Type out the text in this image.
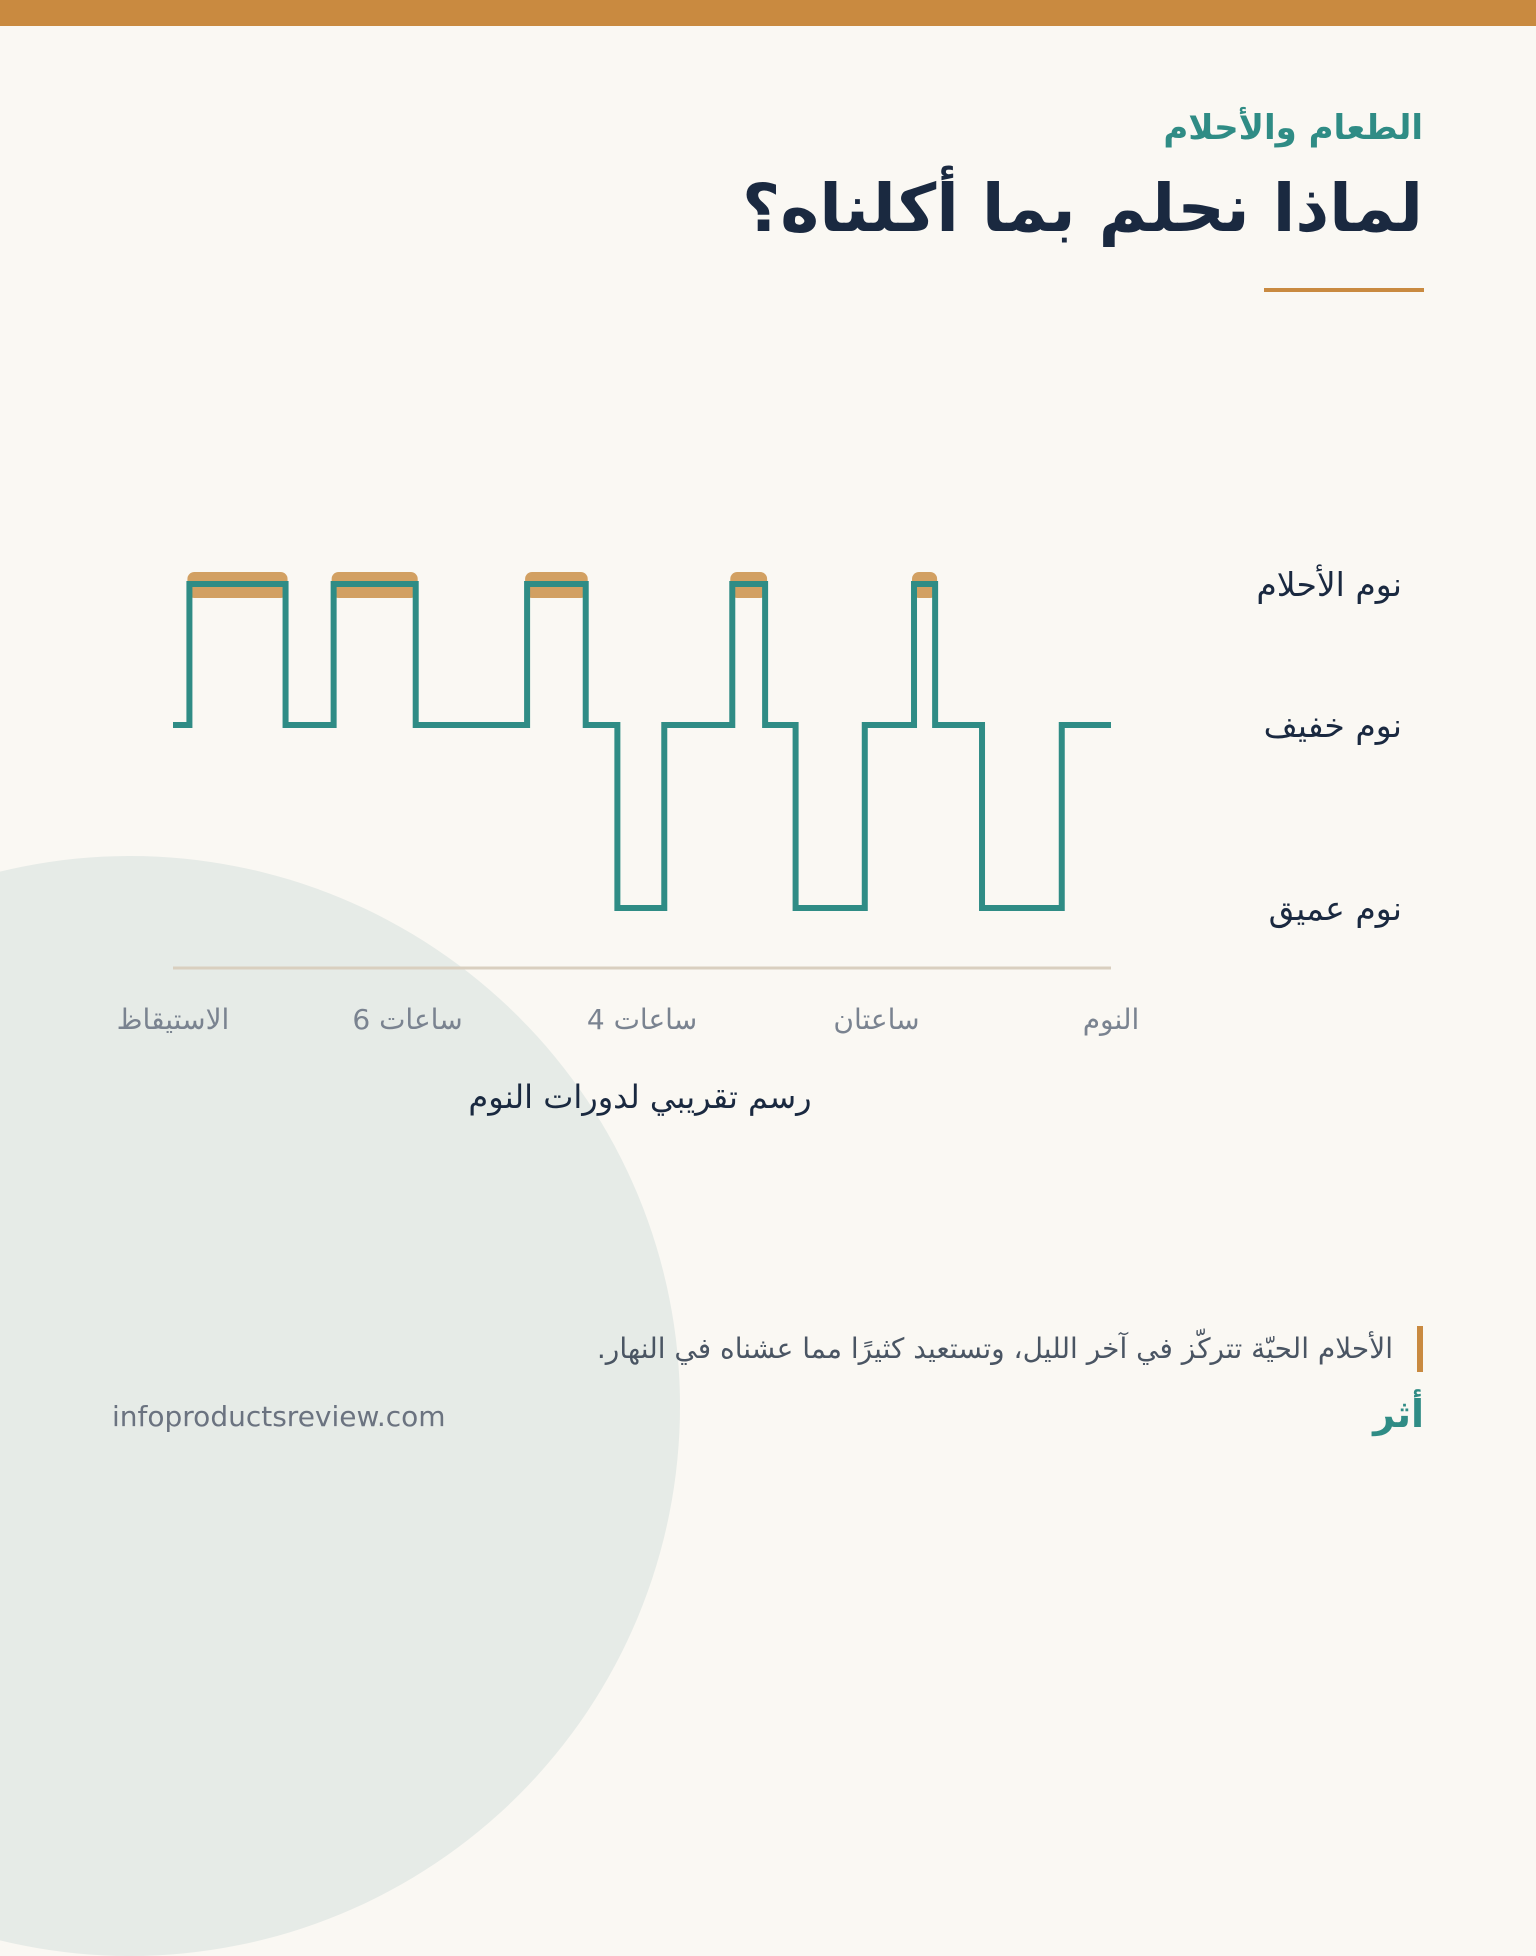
الطعام والأحلام
لماذا نحلم بما أكلناه؟
نوم عميق
نوم خفيف
نوم الأحلام
النوم
ساعتان
4 ساعات
6 ساعات
الاستيقاظ
رسم تقريبي لدورات النوم
الأحلام الحيّة تتركّز في آخر الليل، وتستعيد كثيرًا مما عشناه في النهار.
infoproductsreview.com	أثر
